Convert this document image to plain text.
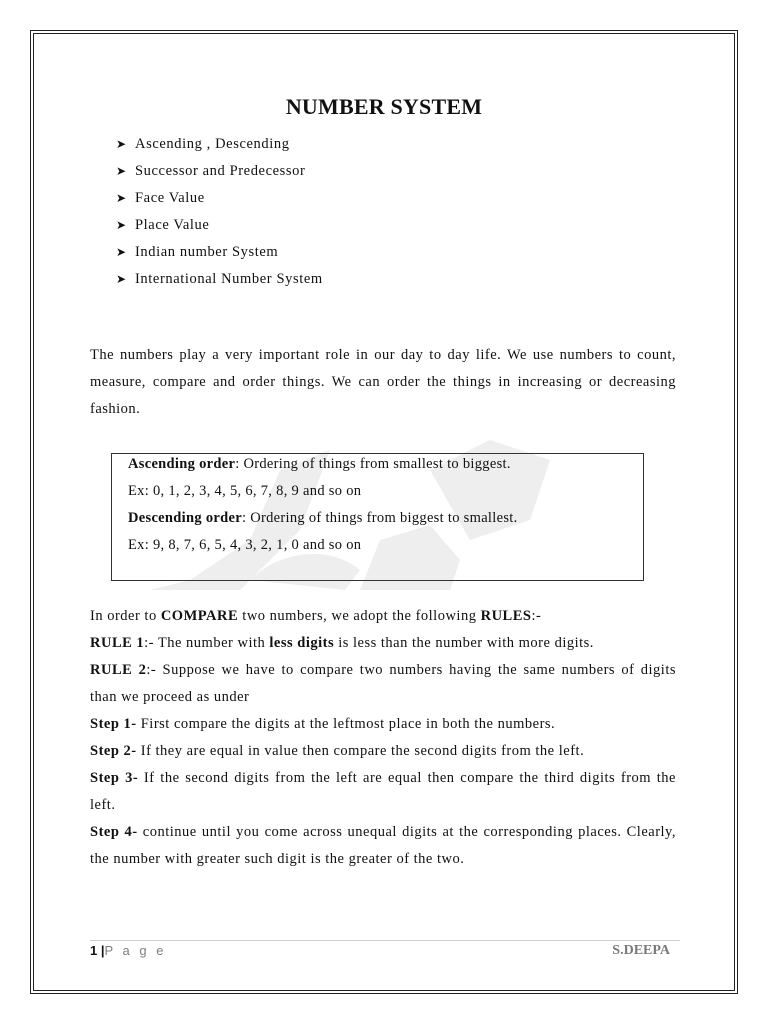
NUMBER SYSTEM
➤ Ascending , Descending
➤ Successor and Predecessor
➤ Face Value
➤ Place Value
➤ Indian number System
➤ International Number System

The numbers play a very important role in our day to day life. We use numbers to count, measure, compare and order things. We can order the things in increasing or decreasing fashion.

Ascending order: Ordering of things from smallest to biggest.
Ex: 0, 1, 2, 3, 4, 5, 6, 7, 8, 9 and so on
Descending order: Ordering of things from biggest to smallest.
Ex: 9, 8, 7, 6, 5, 4, 3, 2, 1, 0 and so on

In order to COMPARE two numbers, we adopt the following RULES:-

RULE 1:- The number with less digits is less than the number with more digits.

RULE 2:- Suppose we have to compare two numbers having the same numbers of digits than we proceed as under

Step 1- First compare the digits at the leftmost place in both the numbers.

Step 2- If they are equal in value then compare the second digits from the left.

Step 3- If the second digits from the left are equal then compare the third digits from the left.

Step 4- continue until you come across unequal digits at the corresponding places. Clearly, the number with greater such digit is the greater of the two.

1 |P a g e	S.DEEPA
